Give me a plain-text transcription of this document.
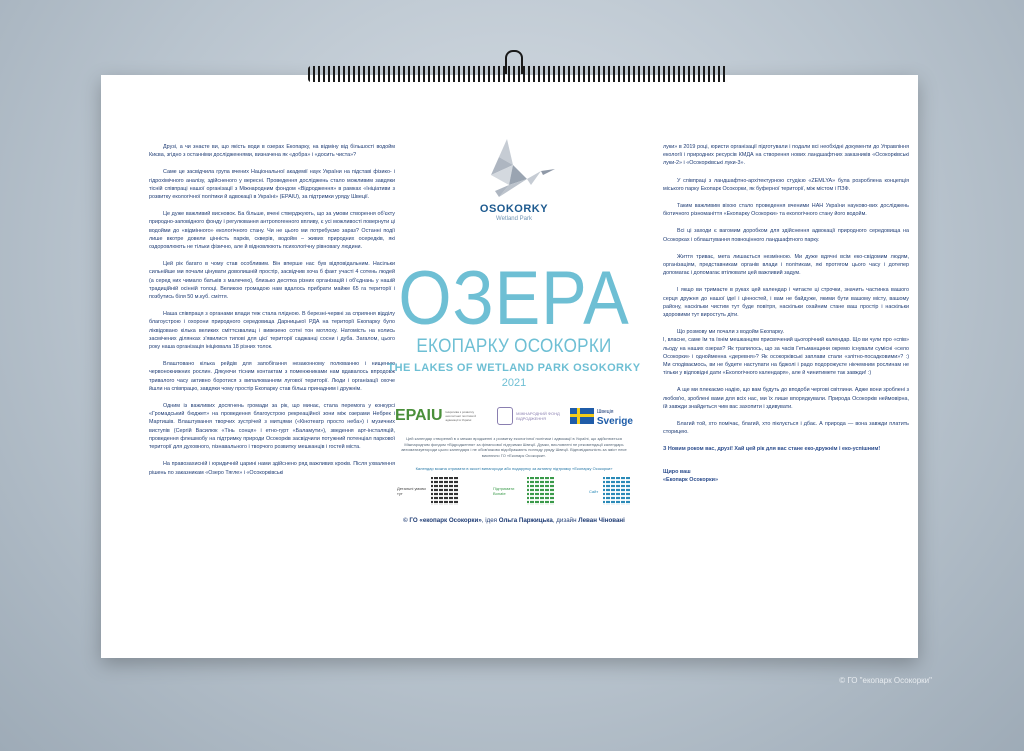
Друзі, а чи знаєте ви, що якість води в озерах Екопарку, на відміну від більшості водойм Києва, згідно з останніми дослідженнями, визначена як «добра» і «досить чиста»?

Саме це засвідчила група вчених Національної академії наук України на підставі фізико- і гідрохімічного аналізу, здійсненого у вересні. Проведення досліджень стало можливим завдяки тісній співпраці нашої організації з Міжнародним фондом «Відродження» в рамках «Ініціативи з розвитку екологічної політики й адвокації в Україні» (ЕРАІU), за підтримки уряду Швеції.

Це дуже важливий висновок. Ба більше, вчені стверджують, що за умови створення об'єкту природно-заповідного фонду і регулювання антропогенного впливу, є усі можливості повернути ці водойми до «відмінного» екологічного стану. Чи не цього ми потребуємо зараз? Останні події лише вкотре довели цінність парків, скверів, водойм – живих природних осередків, які оздоровлюють не тільки фізично, але й відновлюють психологічну рівновагу людини.

Цей рік багато в чому став особливим. Він вперше нас був відповідальним. Насільки сильнійше ми почали цінувати доволишній простір, засвідчив хоча б факт участі 4 сотень людей (а серед них чимало батьків з малечею), близько десятка різних організацій і об'єднань у нашій традиційній осінній толоці. Великою громадою нам вдалось прибрати майже 65 га території і позбутись біля 50 м.куб. сміття.

Наша співпраця з органами влади теж стала плідною. В березні-червні за сприяння відділу благоустрою і охорони природного середовища Дарницької РДА на території Екопарку було ліквідовано кілька великих сміттєзвалищ і вивезено сотні тон мотлоху. Натомість на колись засмічених ділянках з'явилися типові для цієї території саджанці сосни і дуба. Загалом, цього року наша організація ініціювала 18 різних толок.

Влаштовано кілька рейдів для запобігання незаконному полюванню і нищенню червонокнижних рослин. Дякуючи тісним контактам з поменжниками нам вдавалось впродовж тривалого часу активно боротися з випалюванням лугової території. Люди і організації охоче йшли на співпрацю, завдяки чому простір Екопарку став більш принадним і дружнім.

Одним із важливих досягнень громади за рік, що минає, стала перемога у конкурсі «Громадський бюджет» на проведення благоустрою рекреаційної зони між озерами Небрек і Мартишів. Влаштування творчих зустрічей з митцями («Кінотеатр просто неба») і музичних виступів (Сергій Василюк «Тінь сонця» і етно-гурт «Баламути»), зведення арт-інсталяцій, проведення флешмобу на підтримку природи Осокорків засвідчили потужний потенціал паркової території для духовного, пізнавального і творчого розвитку мешканців і гостей міста.

На правозахисній і юридичній царині нами здійснено ряд важливих кроків. Після ухвалення рішень по заказникам «Озеро Тягле» і «Осокорківські

OSOKORKY
Wetland Park
ОЗЕРА
ЕКОПАРКУ ОСОКОРКИ
THE LAKES OF WETLAND PARK OSOKORKY
2021
ЕРАІU Ініціатива з розвитку екологічної політики й адвокації в Україні
МІЖНАРОДНИЙ ФОНД ВІДРОДЖЕННЯ
Швеція
Sverige
Цей календар створений в о межах вродженні з розвитку екологічної політики і адвокації в Україні, що здійснюється Міжнародним фондом «Відродження» за фінансової підтримки Швеції. Думки, висловлені не рекомендації календарь автоматизувтороди цього календаря і не обов'язково відображають погляду уряду Швеції. Відповідальність за зміст несе виключно ГО «Екопарк Осокорки».
Календар можна отримати в якості винагороди або подарунку за активну підтримку «Екопарку Осокорки»
Детальні умови тут
Підтримати Bonate	Сайт
© ГО «екопарк Осокорки», ідея Ольга Паржицька, дизайн Леван Чіновані

луки» в 2019 році, юристи організації підготували і подали всі необхідні документи до Управління екології і природних ресурсів КМДА на створення нових ландшафтних заказників «Осокорківські луки-2» і «Осокорківські луки-3».

У співпраці з ландшафтно-архітектурною студією «ZEMLYA» була розроблена концепція міського парку Екопарк Осокорки, як буферної території, між містом і ПЗФ.

Таким важливим віхою стало проведення вченими НАН України науково-вих досліджень біотичного різноманіття «Екопарку Осокорки» та екологічного стану його водойм.

Всі ці заходи є вагомим доробком для здійснення адвокації природного середовища на Осокорках і облаштування повноцінного ландшафтного парку.

Життя триває, мета лишається незмінною. Ми дуже вдячні всім еко-свідомим людям, організаціям, представникам органів влади і політикам, які протягом цього часу і дотепер допомагає і допомагає втілювати цей важливий задум.

І якщо ви тримаєте в руках цей календар і читаєте ці строчки, значить частинка вашого серця дружня до нашої ідеї і цінностей, і вам не байдуже, якими бути вашому місту, вашому району, наскільки чистим тут буде повітря, наскільки охайним стане ваш простір і наскільки здоровими тут виростуть діти.

Що розмову ми почали з водойм Екопарку.
І, власне, саме їм та їхнім мешканцям присвячений цьогорічний календар. Що ви чули про «спів» льоду на наших озерах? Як трапилось, що за часів Гетьманщини окремо існували сумісні «село Осокорки» і однойменна «деревня»? Як осокорківські заплави стали «злітно-посадковими»? :) Ми сподіваємось, ви не будете наступати на бджолі і радо подорожуєте нікчемним рослинам не тільки у відповідні дати «Екологічного календаря», але й чинитимете так завжди! :)

А ще ми плекаємо надію, що вам будуть до вподоби чергові світлини. Адже вони зроблені з любов'ю, зроблені вами для всіх нас, ми їх лише впорядкували. Природа Осокорків неймовірна, їй завжди знайдеться чим вас захопити і здивувати.

Благий той, хто помічає, благий, хто піклується і дбає. А природа — вона завжди платить сторицею.

З Новим роком вас, друзі! Хай цей рік для вас стане еко-дружнім і еко-успішним!

Щиро ваш
«Екопарк Осокорки»

© ГО "екопарк Осокорки"
